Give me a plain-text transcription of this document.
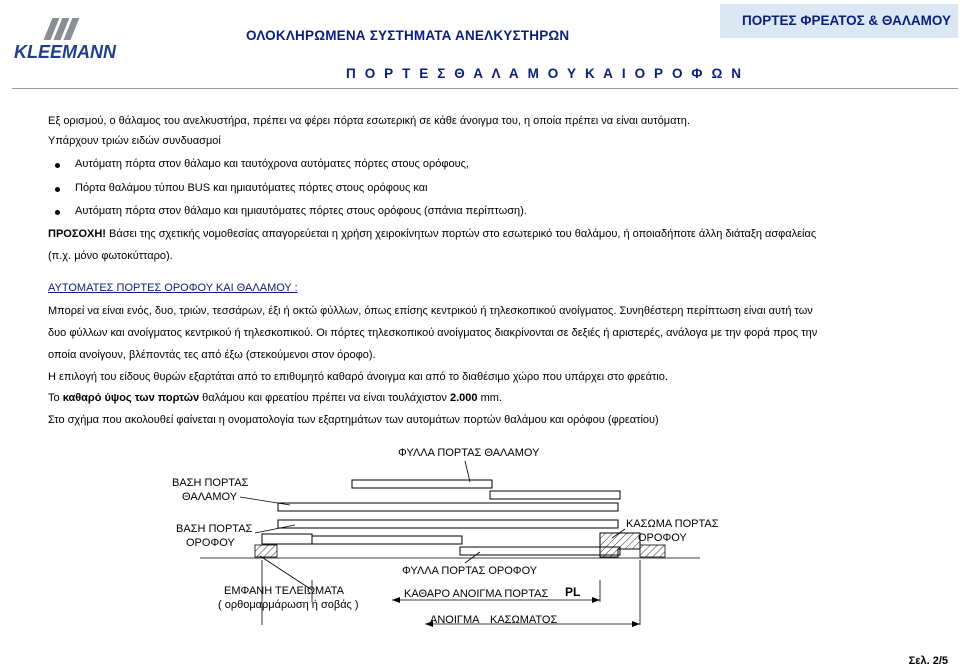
KLEEMANN
ΟΛΟΚΛΗΡΩΜΕΝΑ ΣΥΣΤΗΜΑΤΑ ΑΝΕΛΚΥΣΤΗΡΩΝ
Π Ο Ρ Τ Ε Σ Θ Α Λ Α Μ Ο Υ Κ Α Ι Ο Ρ Ο Φ Ω Ν
ΠΟΡΤΕΣ ΦΡΕΑΤΟΣ & ΘΑΛΑΜΟΥ
Εξ ορισμού, ο θάλαμος του ανελκυστήρα, πρέπει να φέρει πόρτα εσωτερική σε κάθε άνοιγμα του, η οποία πρέπει να είναι αυτόματη.
Υπάρχουν τριών ειδών συνδυασμοί
Αυτόματη πόρτα στον θάλαμο και ταυτόχρονα αυτόματες πόρτες στους ορόφους,
Πόρτα θαλάμου τύπου BUS και ημιαυτόματες πόρτες στους ορόφους και
Αυτόματη πόρτα στον θάλαμο και ημιαυτόματες πόρτες στους ορόφους (σπάνια περίπτωση).
ΠΡΟΣΟΧΗ! Βάσει της σχετικής νομοθεσίας απαγορεύεται η χρήση χειροκίνητων πορτών στο εσωτερικό του θαλάμου, ή οποιαδήποτε άλλη διάταξη ασφαλείας
(π.χ. μόνο φωτοκύτταρο).
ΑΥΤΟΜΑΤΕΣ ΠΟΡΤΕΣ ΟΡΟΦΟΥ ΚΑΙ ΘΑΛΑΜΟΥ :
Μπορεί να είναι ενός, δυο, τριών, τεσσάρων, έξι ή οκτώ φύλλων, όπως επίσης κεντρικού ή τηλεσκοπικού ανοίγματος. Συνηθέστερη περίπτωση είναι αυτή των
δυο φύλλων και ανοίγματος κεντρικού ή τηλεσκοπικού. Οι πόρτες τηλεσκοπικού ανοίγματος διακρίνονται σε δεξιές ή αριστερές, ανάλογα με την φορά προς την
οποία ανοίγουν, βλέποντάς τες από έξω (στεκούμενοι στον όροφο).
Η επιλογή του είδους θυρών εξαρτάται από το επιθυμητό καθαρό άνοιγμα και από το διαθέσιμο χώρο που υπάρχει στο φρεάτιο.
Το καθαρό ύψος των πορτών θαλάμου και φρεατίου πρέπει να είναι τουλάχιστον 2.000 mm.
Στο σχήμα που ακολουθεί φαίνεται η ονοματολογία των εξαρτημάτων των αυτομάτων πορτών θαλάμου και ορόφου (φρεατίου)
ΦΥΛΛΑ ΠΟΡΤΑΣ ΘΑΛΑΜΟΥ
ΒΑΣΗ ΠΟΡΤΑΣ
ΘΑΛΑΜΟΥ
ΒΑΣΗ ΠΟΡΤΑΣ
ΟΡΟΦΟΥ
ΚΑΣΩΜΑ ΠΟΡΤΑΣ
ΟΡΟΦΟΥ
ΦΥΛΛΑ ΠΟΡΤΑΣ ΟΡΟΦΟΥ
ΕΜΦΑΝΗ ΤΕΛΕΙΩΜΑΤΑ
( ορθομαρμάρωση ή σοβάς )
ΚΑΘΑΡΟ ΑΝΟΙΓΜΑ ΠΟΡΤΑΣ PL
ΑΝΟΙΓΜΑ ΚΑΣΩΜΑΤΟΣ
Σελ. 2/5
